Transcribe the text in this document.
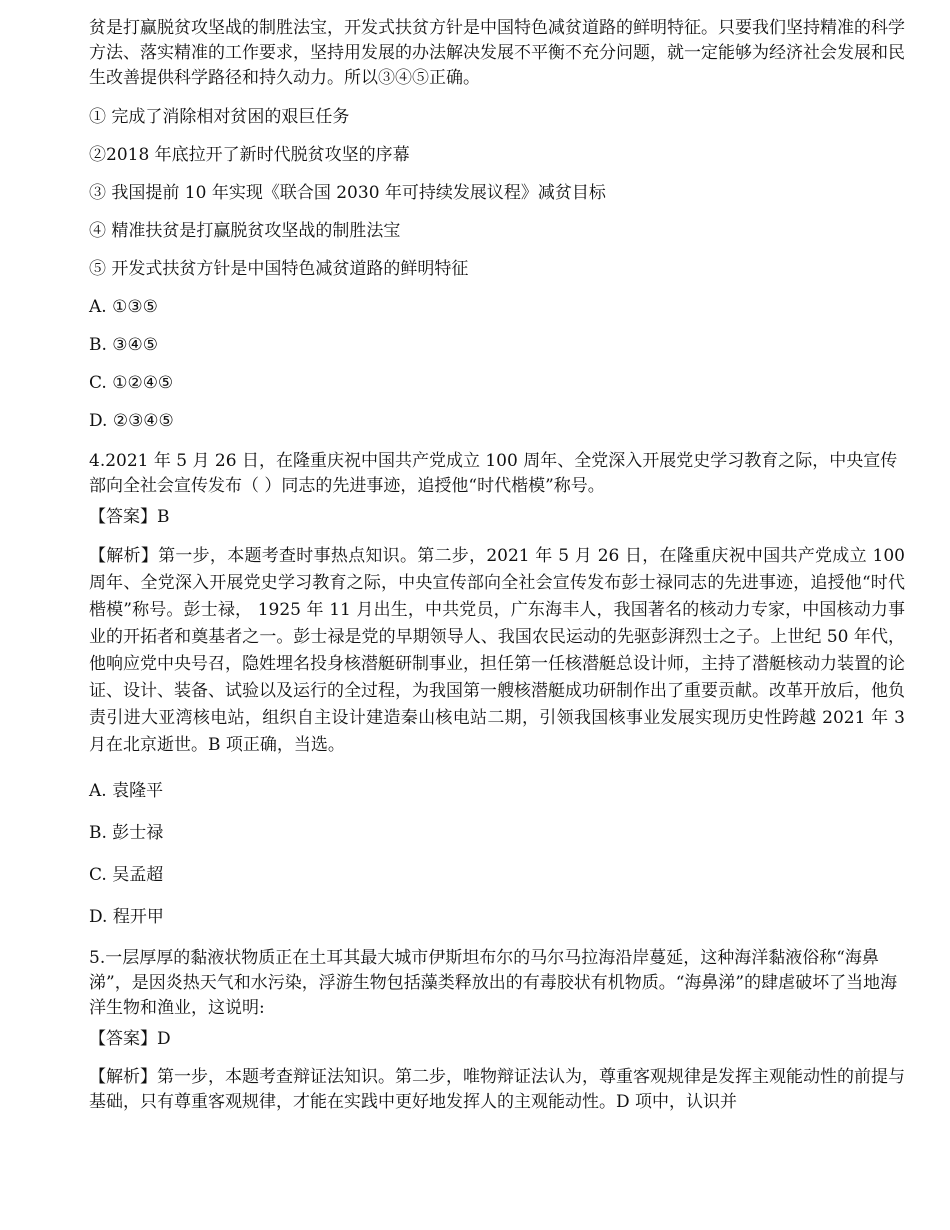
贫是打赢脱贫攻坚战的制胜法宝，开发式扶贫方针是中国特色减贫道路的鲜明特征。只要我们坚持精准的科学方法、落实精准的工作要求，坚持用发展的办法解决发展不平衡不充分问题，就一定能够为经济社会发展和民生改善提供科学路径和持久动力。所以③④⑤正确。

① 完成了消除相对贫困的艰巨任务

②2018 年底拉开了新时代脱贫攻坚的序幕

③ 我国提前 10 年实现《联合国 2030 年可持续发展议程》减贫目标

④ 精准扶贫是打赢脱贫攻坚战的制胜法宝

⑤ 开发式扶贫方针是中国特色减贫道路的鲜明特征

A. ①③⑤

B. ③④⑤

C. ①②④⑤

D. ②③④⑤

4.2021 年 5 月 26 日，在隆重庆祝中国共产党成立 100 周年、全党深入开展党史学习教育之际，中央宣传部向全社会宣传发布（ ）同志的先进事迹，追授他“时代楷模”称号。

【答案】B

【解析】第一步，本题考查时事热点知识。第二步，2021 年 5 月 26 日，在隆重庆祝中国共产党成立 100 周年、全党深入开展党史学习教育之际，中央宣传部向全社会宣传发布彭士禄同志的先进事迹，追授他“时代楷模”称号。彭士禄， 1925 年 11 月出生，中共党员，广东海丰人，我国著名的核动力专家，中国核动力事业的开拓者和奠基者之一。彭士禄是党的早期领导人、我国农民运动的先驱彭湃烈士之子。上世纪 50 年代，他响应党中央号召，隐姓埋名投身核潜艇研制事业，担任第一任核潜艇总设计师，主持了潜艇核动力装置的论证、设计、装备、试验以及运行的全过程，为我国第一艘核潜艇成功研制作出了重要贡献。改革开放后，他负责引进大亚湾核电站，组织自主设计建造秦山核电站二期，引领我国核事业发展实现历史性跨越 2021 年 3 月在北京逝世。B 项正确，当选。

A. 袁隆平

B. 彭士禄

C. 吴孟超

D. 程开甲

5.一层厚厚的黏液状物质正在土耳其最大城市伊斯坦布尔的马尔马拉海沿岸蔓延，这种海洋黏液俗称“海鼻涕”，是因炎热天气和水污染，浮游生物包括藻类释放出的有毒胶状有机物质。“海鼻涕”的肆虐破坏了当地海洋生物和渔业，这说明:

【答案】D

【解析】第一步，本题考查辩证法知识。第二步，唯物辩证法认为，尊重客观规律是发挥主观能动性的前提与基础，只有尊重客观规律，才能在实践中更好地发挥人的主观能动性。D 项中，认识并
